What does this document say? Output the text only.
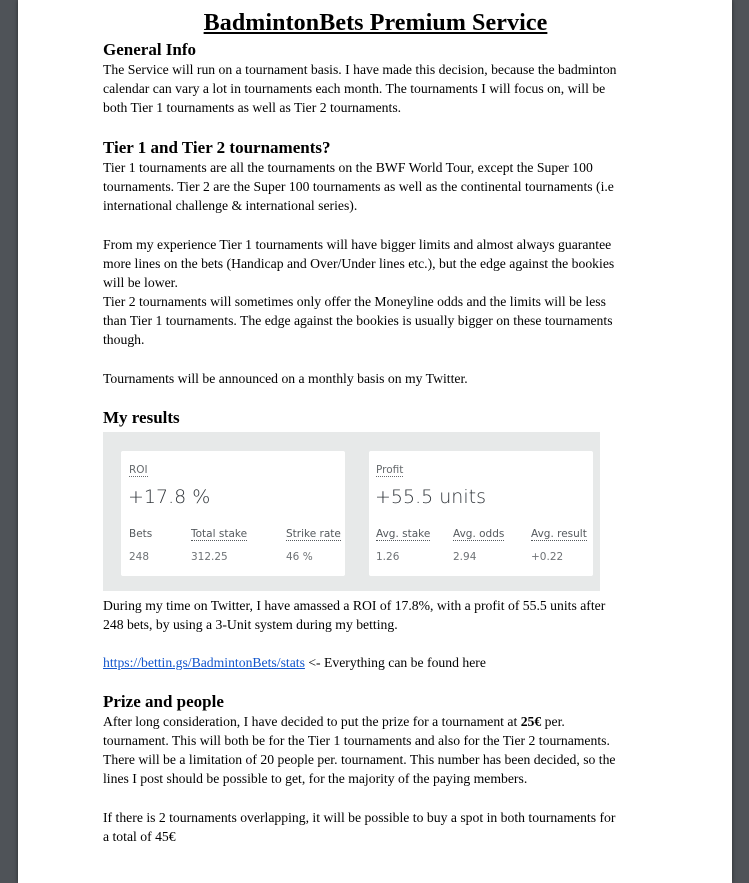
BadmintonBets Premium Service
General Info

The Service will run on a tournament basis. I have made this decision, because the badminton

calendar can vary a lot in tournaments each month. The tournaments I will focus on, will be

both Tier 1 tournaments as well as Tier 2 tournaments.

Tier 1 and Tier 2 tournaments?

Tier 1 tournaments are all the tournaments on the BWF World Tour, except the Super 100

tournaments. Tier 2 are the Super 100 tournaments as well as the continental tournaments (i.e

international challenge & international series).

From my experience Tier 1 tournaments will have bigger limits and almost always guarantee

more lines on the bets (Handicap and Over/Under lines etc.), but the edge against the bookies

will be lower.

Tier 2 tournaments will sometimes only offer the Moneyline odds and the limits will be less

than Tier 1 tournaments. The edge against the bookies is usually bigger on these tournaments

though.

Tournaments will be announced on a monthly basis on my Twitter.

My results

During my time on Twitter, I have amassed a ROI of 17.8%, with a profit of 55.5 units after

248 bets, by using a 3-Unit system during my betting.

https://bettin.gs/BadmintonBets/stats <- Everything can be found here

Prize and people

After long consideration, I have decided to put the prize for a tournament at 25€ per.

tournament. This will both be for the Tier 1 tournaments and also for the Tier 2 tournaments.

There will be a limitation of 20 people per. tournament. This number has been decided, so the

lines I post should be possible to get, for the majority of the paying members.

If there is 2 tournaments overlapping, it will be possible to buy a spot in both tournaments for

a total of 45€

ROI
+17.8 %
Bets
248
Total stake
312.25
Strike rate
46 %
Profit
+55.5 units
Avg. stake
1.26
Avg. odds
2.94
Avg. result
+0.22
